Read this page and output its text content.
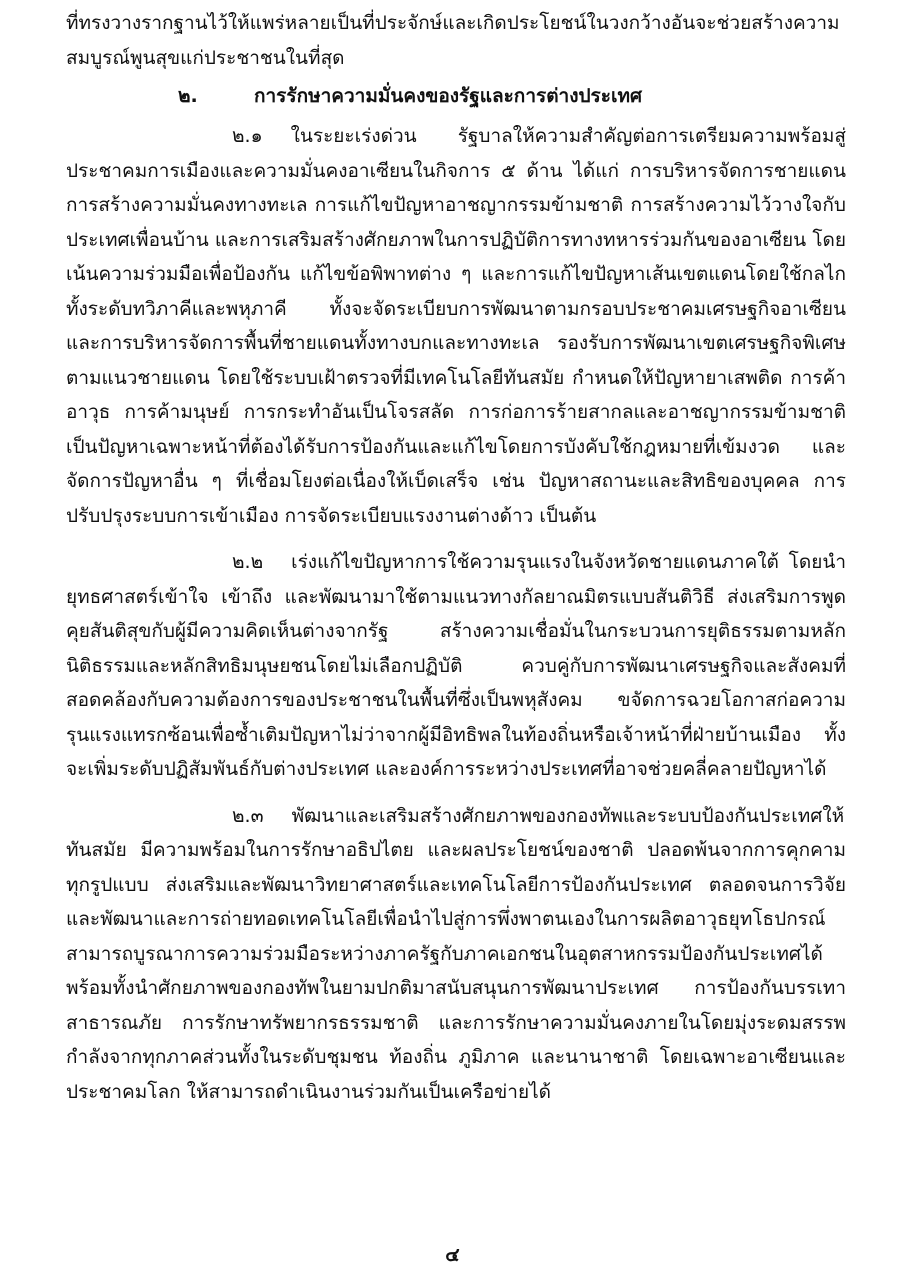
ที่ทรงวางรากฐานไว้ให้แพร่หลายเป็นที่ประจักษ์และเกิดประโยชน์ในวงกว้างอันจะช่วยสร้างความสมบูรณ์พูนสุขแก่ประชาชนในที่สุด

๒.	การรักษาความมั่นคงของรัฐและการต่างประเทศ

๒.๑ ในระยะเร่งด่วน รัฐบาลให้ความสำคัญต่อการเตรียมความพร้อมสู่ประชาคมการเมืองและความมั่นคงอาเซียนในกิจการ ๕ ด้าน ได้แก่ การบริหารจัดการชายแดน การสร้างความมั่นคงทางทะเล การแก้ไขปัญหาอาชญากรรมข้ามชาติ การสร้างความไว้วางใจกับประเทศเพื่อนบ้าน และการเสริมสร้างศักยภาพในการปฏิบัติการทางทหารร่วมกันของอาเซียน โดยเน้นความร่วมมือเพื่อป้องกัน แก้ไขข้อพิพาทต่าง ๆ และการแก้ไขปัญหาเส้นเขตแดนโดยใช้กลไกทั้งระดับทวิภาคีและพหุภาคี ทั้งจะจัดระเบียบการพัฒนาตามกรอบประชาคมเศรษฐกิจอาเซียน และการบริหารจัดการพื้นที่ชายแดนทั้งทางบกและทางทะเล รองรับการพัฒนาเขตเศรษฐกิจพิเศษตามแนวชายแดน โดยใช้ระบบเฝ้าตรวจที่มีเทคโนโลยีทันสมัย กำหนดให้ปัญหายาเสพติด การค้าอาวุธ การค้ามนุษย์ การกระทำอันเป็นโจรสลัด การก่อการร้ายสากลและอาชญากรรมข้ามชาติ เป็นปัญหาเฉพาะหน้าที่ต้องได้รับการป้องกันและแก้ไขโดยการบังคับใช้กฎหมายที่เข้มงวด และจัดการปัญหาอื่น ๆ ที่เชื่อมโยงต่อเนื่องให้เบ็ดเสร็จ เช่น ปัญหาสถานะและสิทธิของบุคคล การปรับปรุงระบบการเข้าเมือง การจัดระเบียบแรงงานต่างด้าว เป็นต้น

๒.๒ เร่งแก้ไขปัญหาการใช้ความรุนแรงในจังหวัดชายแดนภาคใต้ โดยนำยุทธศาสตร์เข้าใจ เข้าถึง และพัฒนามาใช้ตามแนวทางกัลยาณมิตรแบบสันติวิธี ส่งเสริมการพูดคุยสันติสุขกับผู้มีความคิดเห็นต่างจากรัฐ สร้างความเชื่อมั่นในกระบวนการยุติธรรมตามหลักนิติธรรมและหลักสิทธิมนุษยชนโดยไม่เลือกปฏิบัติ ควบคู่กับการพัฒนาเศรษฐกิจและสังคมที่สอดคล้องกับความต้องการของประชาชนในพื้นที่ซึ่งเป็นพหุสังคม ขจัดการฉวยโอกาสก่อความรุนแรงแทรกซ้อนเพื่อซ้ำเติมปัญหาไม่ว่าจากผู้มีอิทธิพลในท้องถิ่นหรือเจ้าหน้าที่ฝ่ายบ้านเมือง ทั้งจะเพิ่มระดับปฏิสัมพันธ์กับต่างประเทศ และองค์การระหว่างประเทศที่อาจช่วยคลี่คลายปัญหาได้

๒.๓ พัฒนาและเสริมสร้างศักยภาพของกองทัพและระบบป้องกันประเทศให้ทันสมัย มีความพร้อมในการรักษาอธิปไตย และผลประโยชน์ของชาติ ปลอดพ้นจากการคุกคามทุกรูปแบบ ส่งเสริมและพัฒนาวิทยาศาสตร์และเทคโนโลยีการป้องกันประเทศ ตลอดจนการวิจัยและพัฒนาและการถ่ายทอดเทคโนโลยีเพื่อนำไปสู่การพึ่งพาตนเองในการผลิตอาวุธยุทโธปกรณ์ สามารถบูรณาการความร่วมมือระหว่างภาครัฐกับภาคเอกชนในอุตสาหกรรมป้องกันประเทศได้ พร้อมทั้งนำศักยภาพของกองทัพในยามปกติมาสนับสนุนการพัฒนาประเทศ การป้องกันบรรเทาสาธารณภัย การรักษาทรัพยากรธรรมชาติ และการรักษาความมั่นคงภายในโดยมุ่งระดมสรรพกำลังจากทุกภาคส่วนทั้งในระดับชุมชน ท้องถิ่น ภูมิภาค และนานาชาติ โดยเฉพาะอาเซียนและประชาคมโลก ให้สามารถดำเนินงานร่วมกันเป็นเครือข่ายได้

๔
